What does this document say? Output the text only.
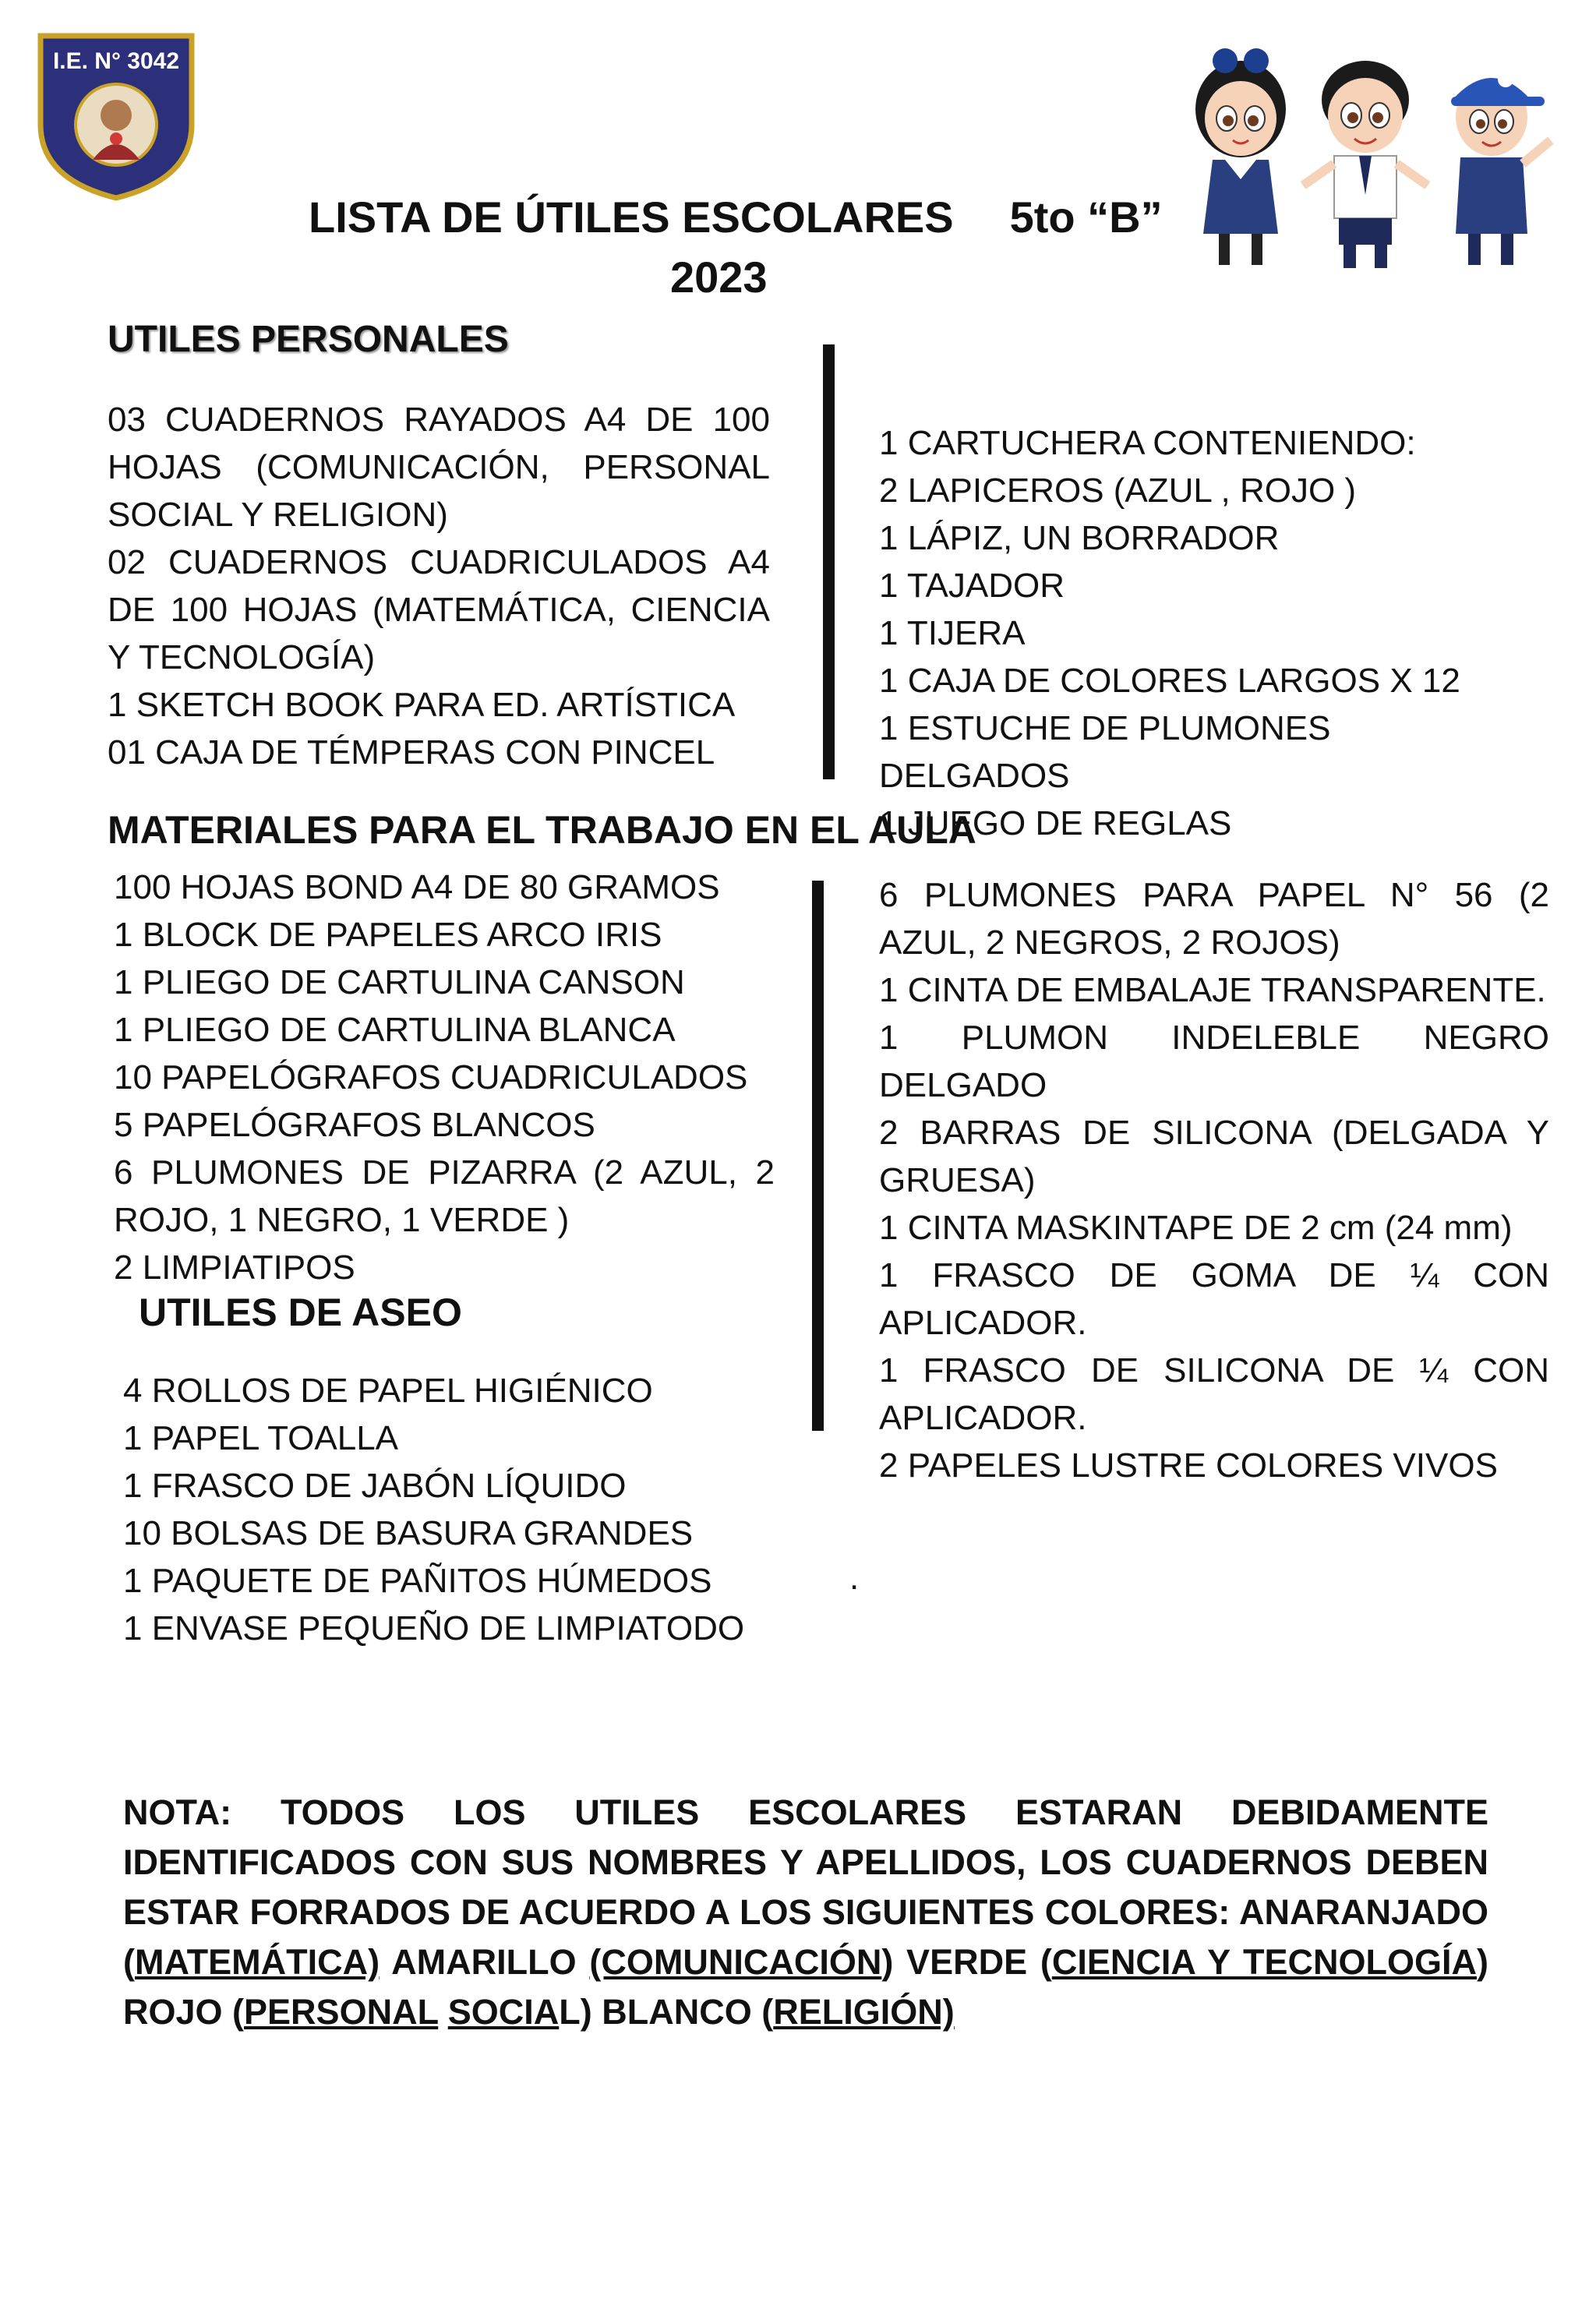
I.E. N° 3042
LISTA DE ÚTILES ESCOLARES 5to “B”
2023
UTILES PERSONALES
03 CUADERNOS RAYADOS A4 DE 100 HOJAS (COMUNICACIÓN, PERSONAL SOCIAL Y RELIGION)
02 CUADERNOS CUADRICULADOS A4 DE 100 HOJAS (MATEMÁTICA, CIENCIA Y TECNOLOGÍA)
1 SKETCH BOOK PARA ED. ARTÍSTICA
01 CAJA DE TÉMPERAS CON PINCEL
1 CARTUCHERA CONTENIENDO:
2 LAPICEROS (AZUL , ROJO )
1 LÁPIZ, UN BORRADOR
1 TAJADOR
1 TIJERA
1 CAJA DE COLORES LARGOS X 12
1 ESTUCHE DE PLUMONES DELGADOS
1 JUEGO DE REGLAS
MATERIALES PARA EL TRABAJO EN EL AULA
100 HOJAS BOND A4 DE 80 GRAMOS
1 BLOCK DE PAPELES ARCO IRIS
1 PLIEGO DE CARTULINA CANSON
1 PLIEGO DE CARTULINA BLANCA
10 PAPELÓGRAFOS CUADRICULADOS
5 PAPELÓGRAFOS BLANCOS
6 PLUMONES DE PIZARRA (2 AZUL, 2 ROJO, 1 NEGRO, 1 VERDE )
2 LIMPIATIPOS
6 PLUMONES PARA PAPEL N° 56 (2 AZUL, 2 NEGROS, 2 ROJOS)
1 CINTA DE EMBALAJE TRANSPARENTE.
1 PLUMON INDELEBLE NEGRO DELGADO
2 BARRAS DE SILICONA (DELGADA Y GRUESA)
1 CINTA MASKINTAPE DE 2 cm (24 mm)
1 FRASCO DE GOMA DE ¼ CON APLICADOR.
1 FRASCO DE SILICONA DE ¼ CON APLICADOR.
2 PAPELES LUSTRE COLORES VIVOS
UTILES DE ASEO
4 ROLLOS DE PAPEL HIGIÉNICO
1 PAPEL TOALLA
1 FRASCO DE JABÓN LÍQUIDO
10 BOLSAS DE BASURA GRANDES
1 PAQUETE DE PAÑITOS HÚMEDOS
1 ENVASE PEQUEÑO DE LIMPIATODO
.
NOTA: TODOS LOS UTILES ESCOLARES ESTARAN DEBIDAMENTE IDENTIFICADOS CON SUS NOMBRES Y APELLIDOS, LOS CUADERNOS DEBEN ESTAR FORRADOS DE ACUERDO A LOS SIGUIENTES COLORES: ANARANJADO (MATEMÁTICA) AMARILLO (COMUNICACIÓN) VERDE (CIENCIA Y TECNOLOGÍA) ROJO (PERSONAL SOCIAL) BLANCO (RELIGIÓN)
